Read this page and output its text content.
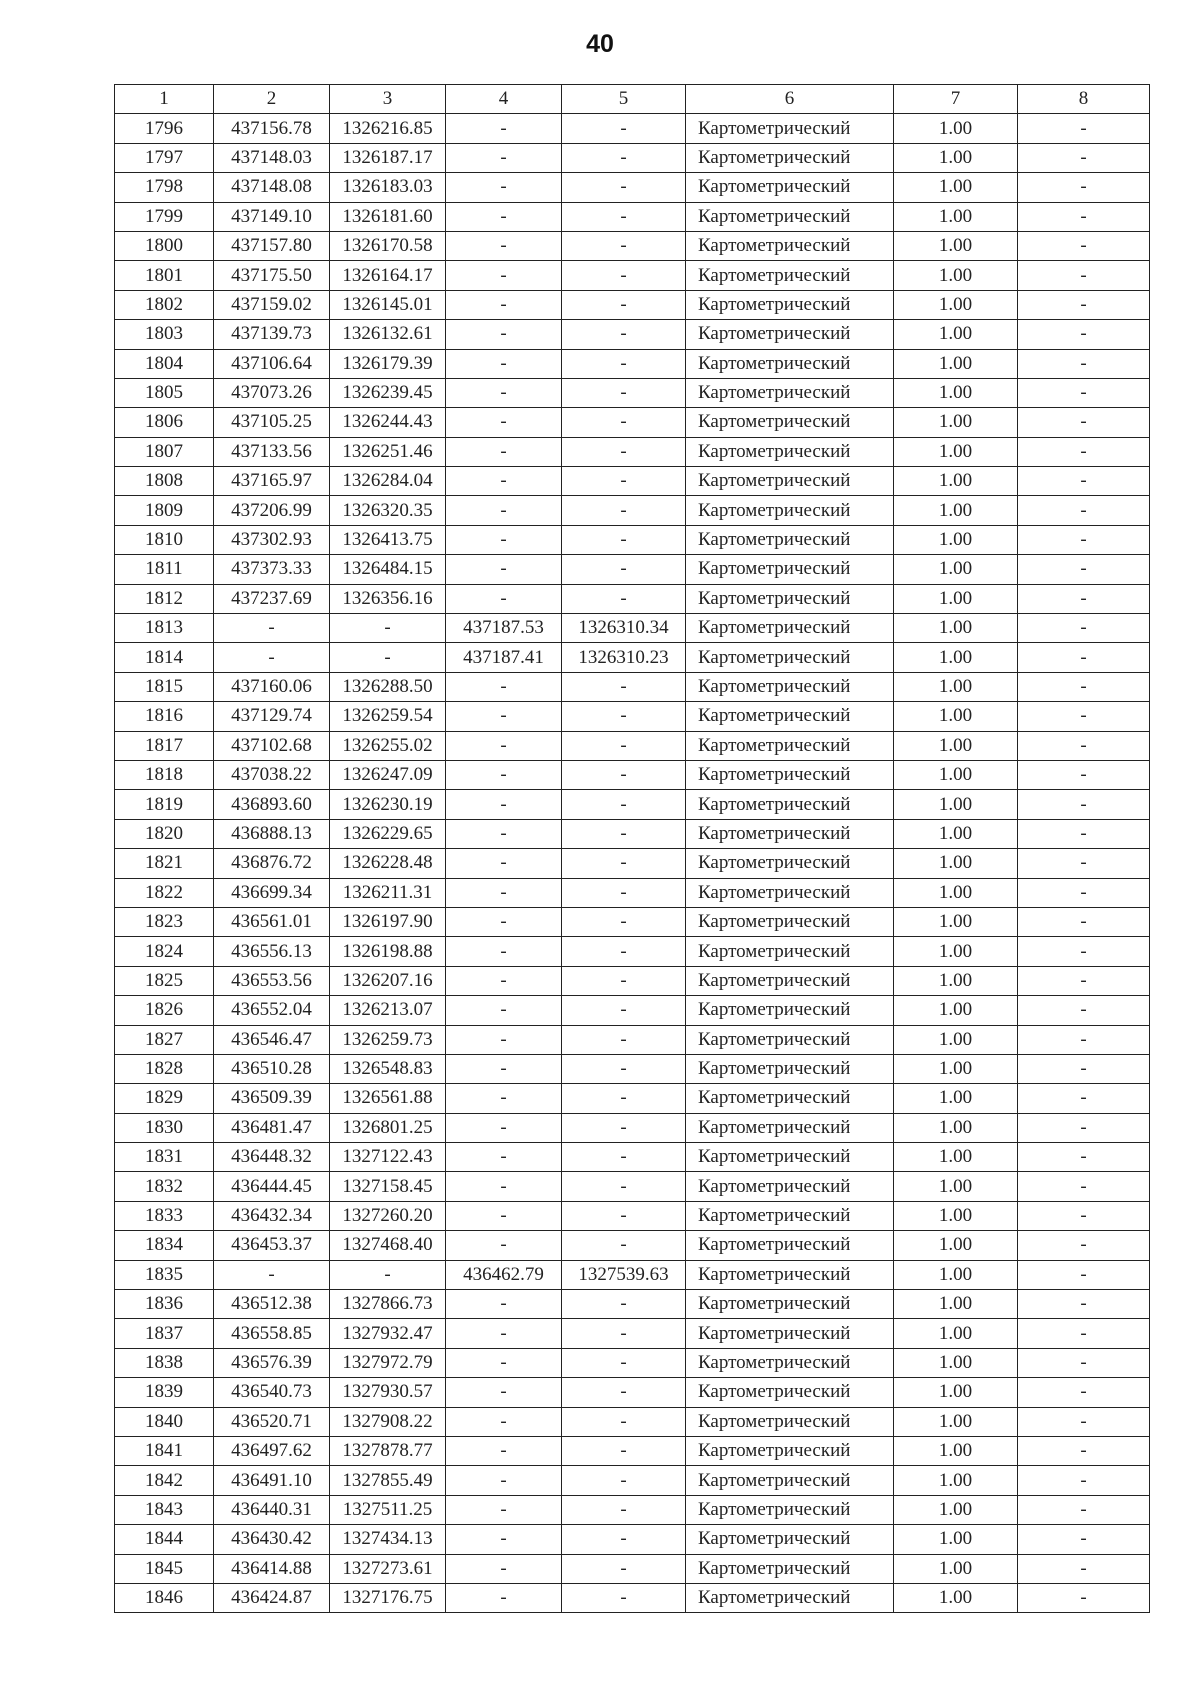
40
1	2	3	4	5	6	7	8
1796	437156.78	1326216.85	-	-	Картометрический	1.00	-
1797	437148.03	1326187.17	-	-	Картометрический	1.00	-
1798	437148.08	1326183.03	-	-	Картометрический	1.00	-
1799	437149.10	1326181.60	-	-	Картометрический	1.00	-
1800	437157.80	1326170.58	-	-	Картометрический	1.00	-
1801	437175.50	1326164.17	-	-	Картометрический	1.00	-
1802	437159.02	1326145.01	-	-	Картометрический	1.00	-
1803	437139.73	1326132.61	-	-	Картометрический	1.00	-
1804	437106.64	1326179.39	-	-	Картометрический	1.00	-
1805	437073.26	1326239.45	-	-	Картометрический	1.00	-
1806	437105.25	1326244.43	-	-	Картометрический	1.00	-
1807	437133.56	1326251.46	-	-	Картометрический	1.00	-
1808	437165.97	1326284.04	-	-	Картометрический	1.00	-
1809	437206.99	1326320.35	-	-	Картометрический	1.00	-
1810	437302.93	1326413.75	-	-	Картометрический	1.00	-
1811	437373.33	1326484.15	-	-	Картометрический	1.00	-
1812	437237.69	1326356.16	-	-	Картометрический	1.00	-
1813	-	-	437187.53	1326310.34	Картометрический	1.00	-
1814	-	-	437187.41	1326310.23	Картометрический	1.00	-
1815	437160.06	1326288.50	-	-	Картометрический	1.00	-
1816	437129.74	1326259.54	-	-	Картометрический	1.00	-
1817	437102.68	1326255.02	-	-	Картометрический	1.00	-
1818	437038.22	1326247.09	-	-	Картометрический	1.00	-
1819	436893.60	1326230.19	-	-	Картометрический	1.00	-
1820	436888.13	1326229.65	-	-	Картометрический	1.00	-
1821	436876.72	1326228.48	-	-	Картометрический	1.00	-
1822	436699.34	1326211.31	-	-	Картометрический	1.00	-
1823	436561.01	1326197.90	-	-	Картометрический	1.00	-
1824	436556.13	1326198.88	-	-	Картометрический	1.00	-
1825	436553.56	1326207.16	-	-	Картометрический	1.00	-
1826	436552.04	1326213.07	-	-	Картометрический	1.00	-
1827	436546.47	1326259.73	-	-	Картометрический	1.00	-
1828	436510.28	1326548.83	-	-	Картометрический	1.00	-
1829	436509.39	1326561.88	-	-	Картометрический	1.00	-
1830	436481.47	1326801.25	-	-	Картометрический	1.00	-
1831	436448.32	1327122.43	-	-	Картометрический	1.00	-
1832	436444.45	1327158.45	-	-	Картометрический	1.00	-
1833	436432.34	1327260.20	-	-	Картометрический	1.00	-
1834	436453.37	1327468.40	-	-	Картометрический	1.00	-
1835	-	-	436462.79	1327539.63	Картометрический	1.00	-
1836	436512.38	1327866.73	-	-	Картометрический	1.00	-
1837	436558.85	1327932.47	-	-	Картометрический	1.00	-
1838	436576.39	1327972.79	-	-	Картометрический	1.00	-
1839	436540.73	1327930.57	-	-	Картометрический	1.00	-
1840	436520.71	1327908.22	-	-	Картометрический	1.00	-
1841	436497.62	1327878.77	-	-	Картометрический	1.00	-
1842	436491.10	1327855.49	-	-	Картометрический	1.00	-
1843	436440.31	1327511.25	-	-	Картометрический	1.00	-
1844	436430.42	1327434.13	-	-	Картометрический	1.00	-
1845	436414.88	1327273.61	-	-	Картометрический	1.00	-
1846	436424.87	1327176.75	-	-	Картометрический	1.00	-
